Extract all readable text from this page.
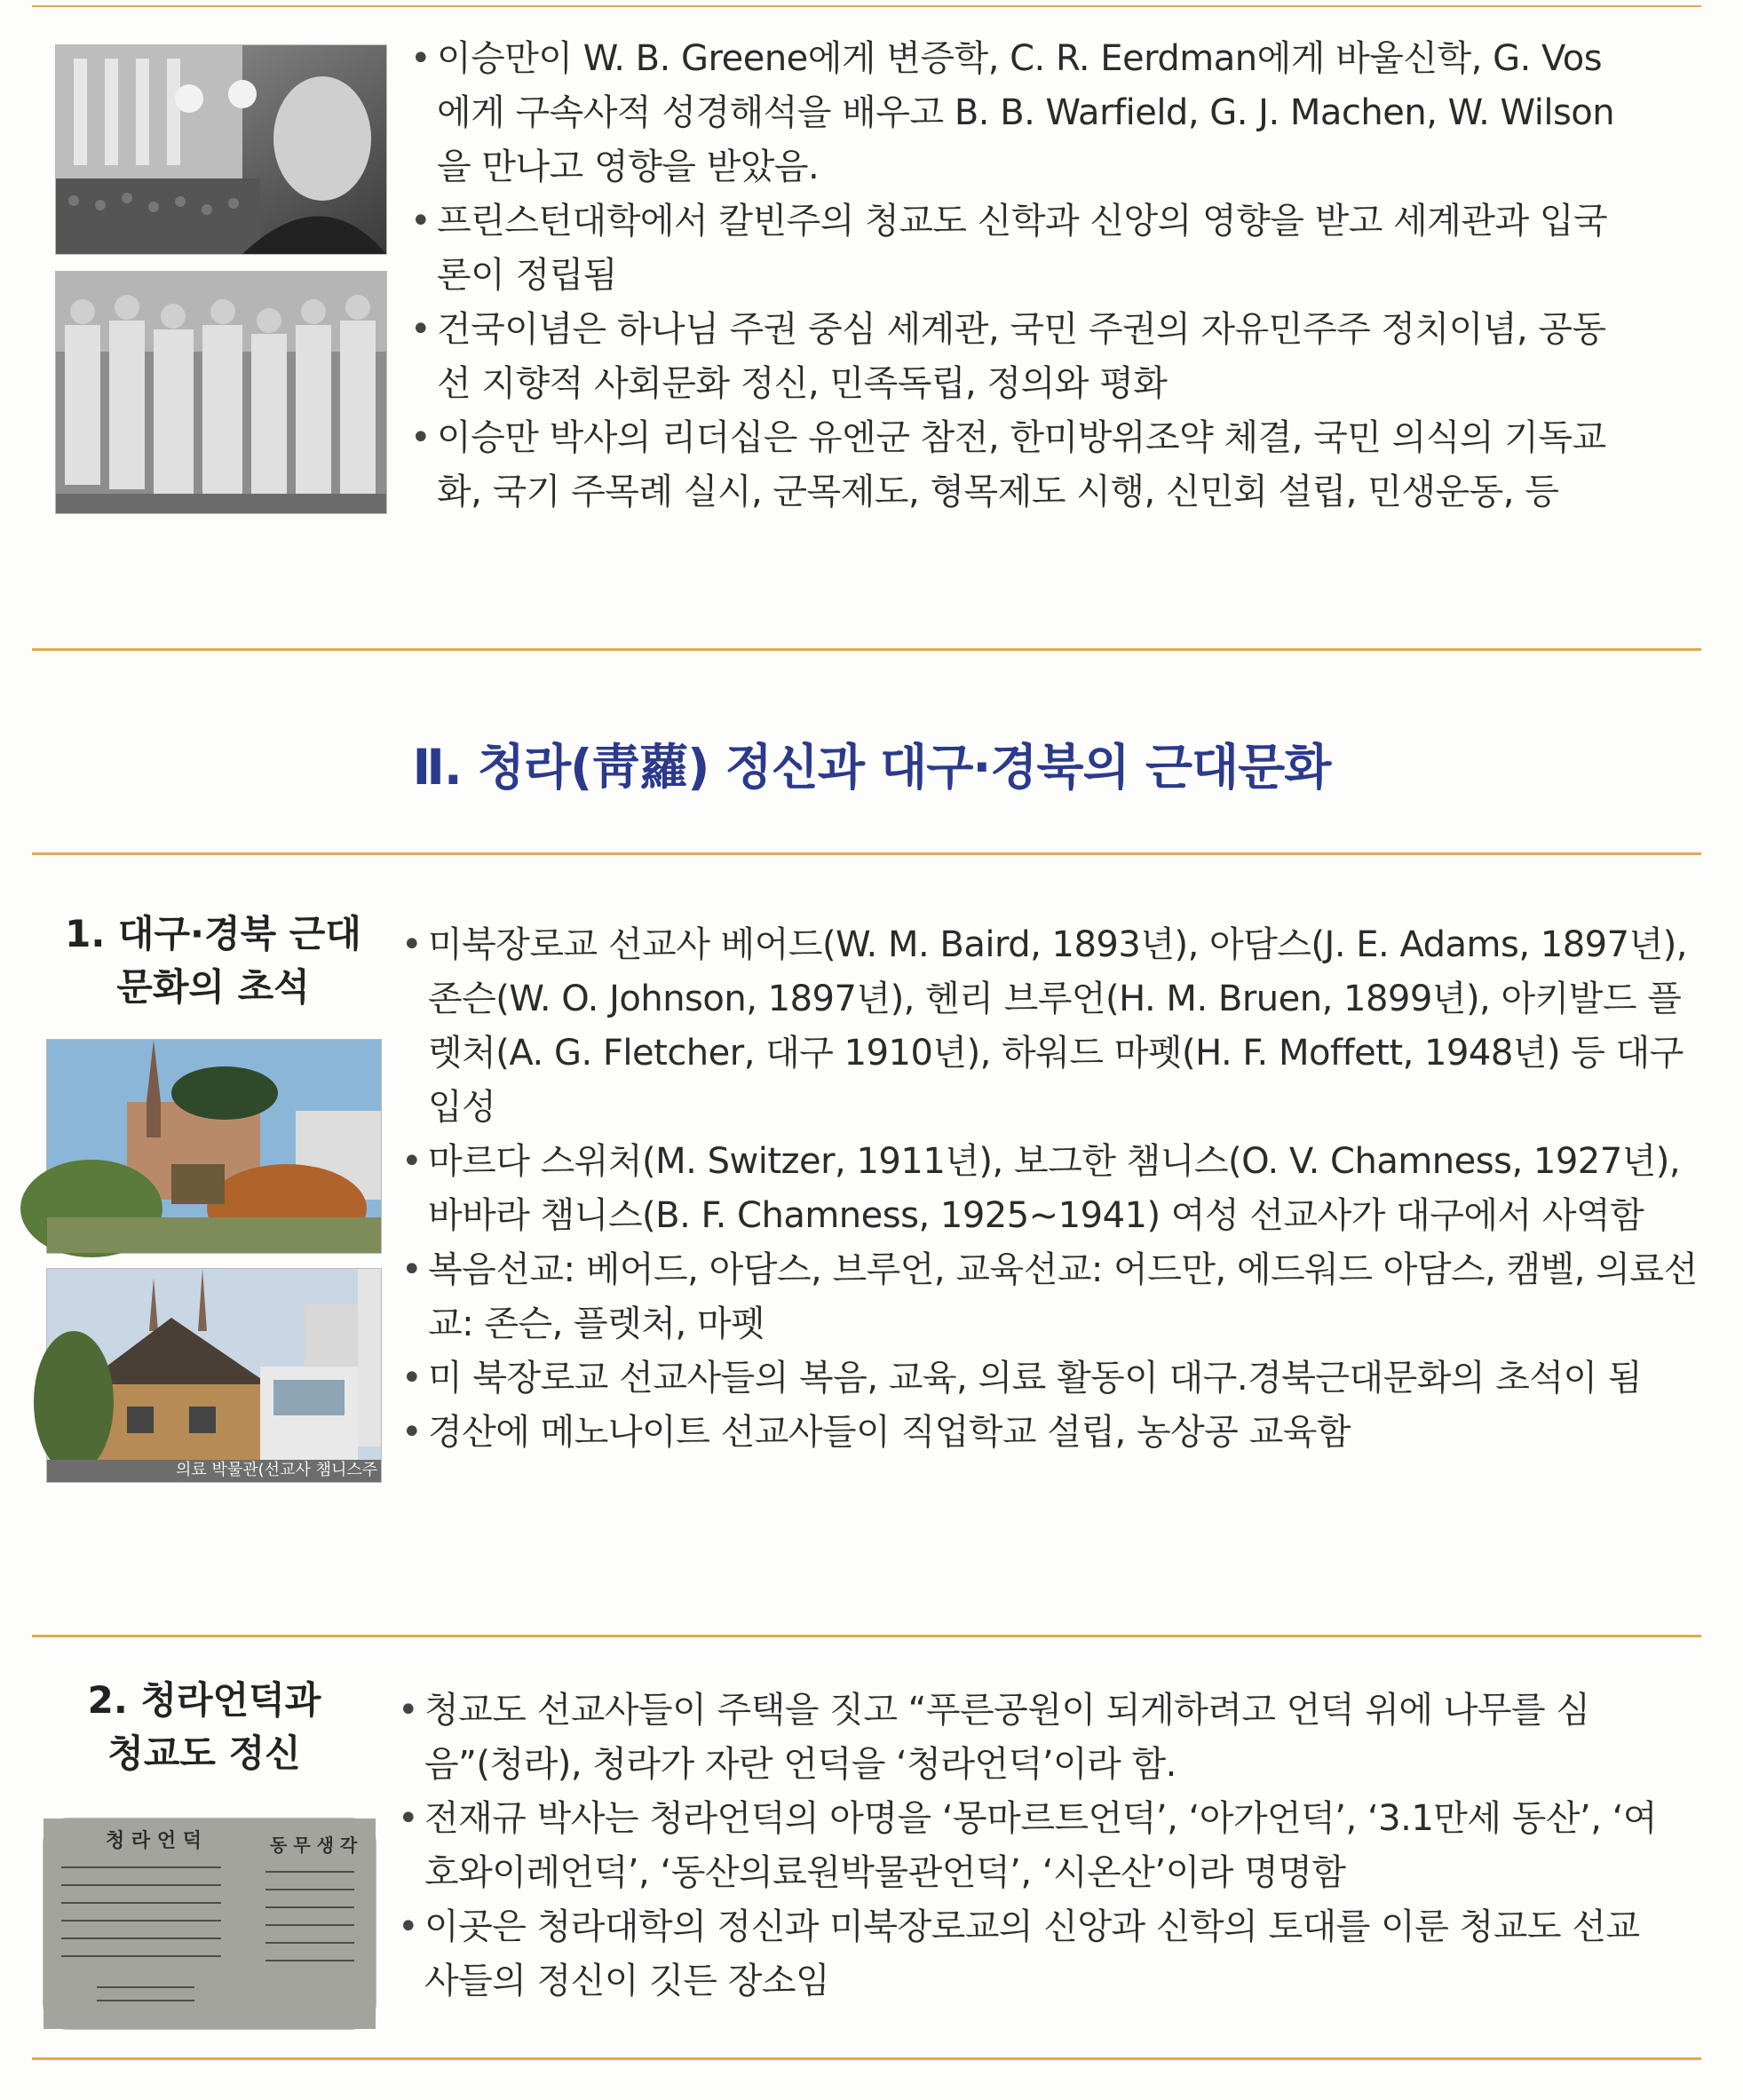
• 이승만이 W. B. Greene에게 변증학, C. R. Eerdman에게 바울신학, G. Vos에게 구속사적 성경해석을 배우고 B. B. Warfield, G. J. Machen, W. Wilson을 만나고 영향을 받았음.
• 프린스턴대학에서 칼빈주의 청교도 신학과 신앙의 영향을 받고 세계관과 입국론이 정립됨
• 건국이념은 하나님 주권 중심 세계관, 국민 주권의 자유민주주 정치이념, 공동선 지향적 사회문화 정신, 민족독립, 정의와 평화
• 이승만 박사의 리더십은 유엔군 참전, 한미방위조약 체결, 국민 의식의 기독교화, 국기 주목례 실시, 군목제도, 형목제도 시행, 신민회 설립, 민생운동, 등
Ⅱ. 청라(靑蘿) 정신과 대구·경북의 근대문화
1. 대구·경북 근대
문화의 초석
의료 박물관(선교사 챔니스주택)
• 미북장로교 선교사 베어드(W. M. Baird, 1893년), 아담스(J. E. Adams, 1897년), 존슨(W. O. Johnson, 1897년), 헨리 브루언(H. M. Bruen, 1899년), 아키발드 플렛처(A. G. Fletcher, 대구 1910년), 하워드 마펫(H. F. Moffett, 1948년) 등 대구 입성
• 마르다 스위처(M. Switzer, 1911년), 보그한 챔니스(O. V. Chamness, 1927년), 바바라 챔니스(B. F. Chamness, 1925~1941) 여성 선교사가 대구에서 사역함
• 복음선교: 베어드, 아담스, 브루언, 교육선교: 어드만, 에드워드 아담스, 캠벨, 의료선교: 존슨, 플렛처, 마펫
• 미 북장로교 선교사들의 복음, 교육, 의료 활동이 대구.경북근대문화의 초석이 됨
• 경산에 메노나이트 선교사들이 직업학교 설립, 농상공 교육함
2. 청라언덕과
청교도 정신
청 라 언 덕	동 무 생 각
• 청교도 선교사들이 주택을 짓고 “푸른공원이 되게하려고 언덕 위에 나무를 심음”(청라), 청라가 자란 언덕을 ‘청라언덕’이라 함.
• 전재규 박사는 청라언덕의 아명을 ‘몽마르트언덕’, ‘아가언덕’, ‘3.1만세 동산’, ‘여호와이레언덕’, ‘동산의료원박물관언덕’, ‘시온산’이라 명명함
• 이곳은 청라대학의 정신과 미북장로교의 신앙과 신학의 토대를 이룬 청교도 선교사들의 정신이 깃든 장소임
